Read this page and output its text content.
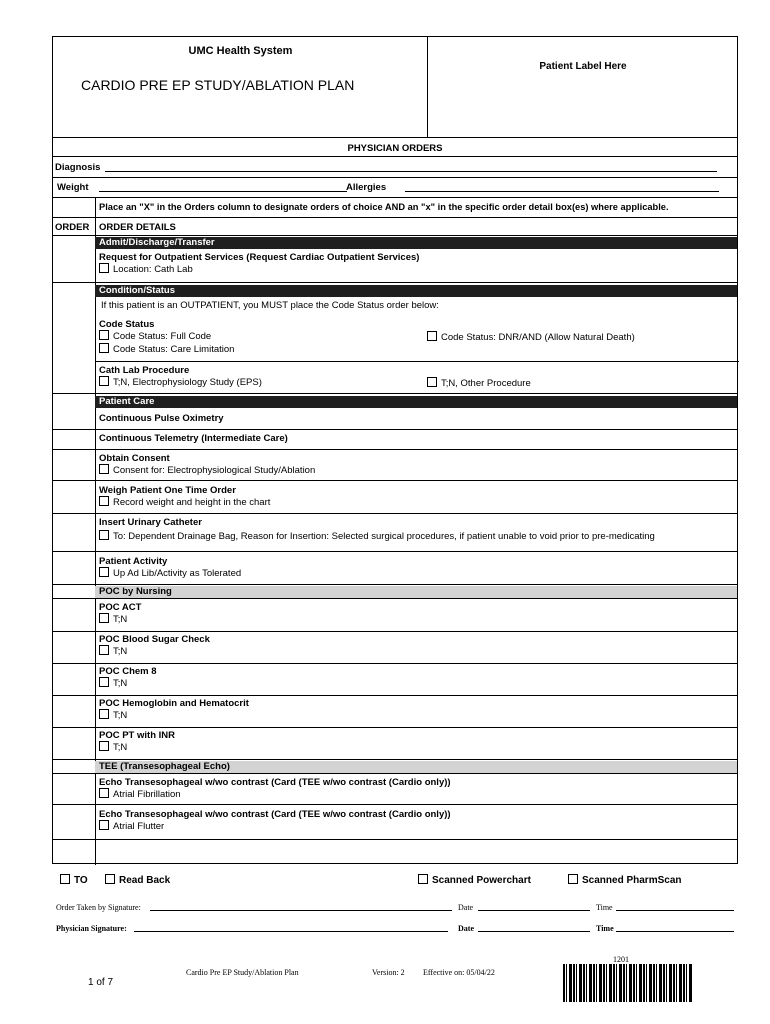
UMC Health System
CARDIO PRE EP STUDY/ABLATION PLAN
Patient Label Here
PHYSICIAN ORDERS
Diagnosis
Weight	Allergies
Place an "X" in the Orders column to designate orders of choice AND an "x" in the specific order detail box(es) where applicable.
ORDER ORDER DETAILS
Admit/Discharge/Transfer
Request for Outpatient Services (Request Cardiac Outpatient Services)
Location: Cath Lab
Condition/Status
If this patient is an OUTPATIENT, you MUST place the Code Status order below:
Code Status
Code Status: Full Code
Code Status: Care Limitation
Code Status: DNR/AND (Allow Natural Death)
Cath Lab Procedure
T;N, Electrophysiology Study (EPS)	T;N, Other Procedure
Patient Care
Continuous Pulse Oximetry
Continuous Telemetry (Intermediate Care)
Obtain Consent
Consent for: Electrophysiological Study/Ablation
Weigh Patient One Time Order
Record weight and height in the chart
Insert Urinary Catheter
To: Dependent Drainage Bag, Reason for Insertion: Selected surgical procedures, if patient unable to void prior to pre-medicating
Patient Activity
Up Ad Lib/Activity as Tolerated
POC by Nursing
POC ACT
T;N
POC Blood Sugar Check
T;N
POC Chem 8
T;N
POC Hemoglobin and Hematocrit
T;N
POC PT with INR
T;N
TEE (Transesophageal Echo)
Echo Transesophageal w/wo contrast (Card (TEE w/wo contrast (Cardio only))
Atrial Fibrillation
Echo Transesophageal w/wo contrast (Card (TEE w/wo contrast (Cardio only))
Atrial Flutter
TO	Read Back	Scanned Powerchart	Scanned PharmScan
Order Taken by Signature:	Date	Time
Physician Signature:	Date	Time
1 of 7
Cardio Pre EP Study/Ablation Plan	Version: 2 Effective on: 05/04/22
1201
